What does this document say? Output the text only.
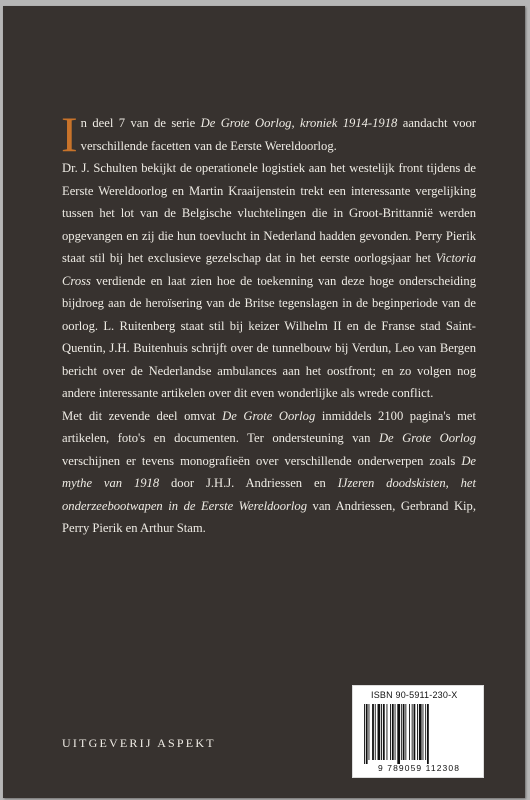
In deel 7 van de serie De Grote Oorlog, kroniek 1914-1918 aandacht voor verschillende facetten van de Eerste Wereldoorlog.

Dr. J. Schulten bekijkt de operationele logistiek aan het westelijk front tijdens de Eerste Wereldoorlog en Martin Kraaijenstein trekt een interessante vergelijking tussen het lot van de Belgische vluchtelingen die in Groot-Brittannië werden opgevangen en zij die hun toevlucht in Nederland hadden gevonden. Perry Pierik staat stil bij het exclusieve gezelschap dat in het eerste oorlogsjaar het Victoria Cross verdiende en laat zien hoe de toekenning van deze hoge onderscheiding bijdroeg aan de heroïsering van de Britse tegenslagen in de beginperiode van de oorlog. L. Ruitenberg staat stil bij keizer Wilhelm II en de Franse stad Saint-Quentin, J.H. Buitenhuis schrijft over de tunnelbouw bij Verdun, Leo van Bergen bericht over de Nederlandse ambulances aan het oostfront; en zo volgen nog andere interessante artikelen over dit even wonderlijke als wrede conflict.

Met dit zevende deel omvat De Grote Oorlog inmiddels 2100 pagina's met artikelen, foto's en documenten. Ter ondersteuning van De Grote Oorlog verschijnen er tevens monografieën over verschillende onderwerpen zoals De mythe van 1918 door J.H.J. Andriessen en IJzeren doodskisten, het onderzeebootwapen in de Eerste Wereldoorlog van Andriessen, Gerbrand Kip, Perry Pierik en Arthur Stam.

UITGEVERIJ ASPEKT
ISBN 90-5911-230-X
9 789059 112308
